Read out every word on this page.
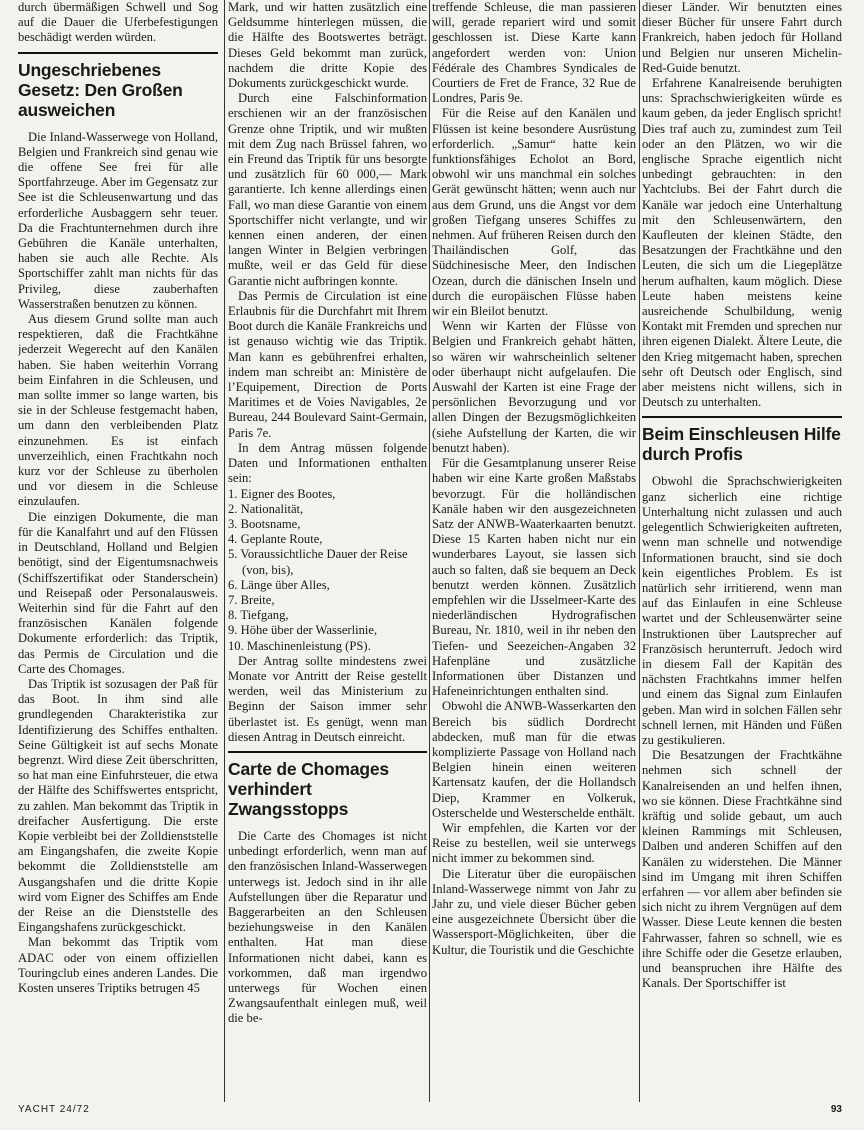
durch übermäßigen Schwell und Sog auf die Dauer die Uferbefestigungen beschädigt werden würden.

Ungeschriebenes Gesetz: Den Großen ausweichen

Die Inland-Wasserwege von Holland, Belgien und Frankreich sind genau wie die offene See frei für alle Sportfahrzeuge. Aber im Gegensatz zur See ist die Schleusenwartung und das erforderliche Ausbaggern sehr teuer. Da die Frachtunternehmen durch ihre Gebühren die Kanäle unterhalten, haben sie auch alle Rechte. Als Sportschiffer zahlt man nichts für das Privileg, diese zauberhaften Wasserstraßen benutzen zu können.

Aus diesem Grund sollte man auch respektieren, daß die Frachtkähne jederzeit Wegerecht auf den Kanälen haben. Sie haben weiterhin Vorrang beim Einfahren in die Schleusen, und man sollte immer so lange warten, bis sie in der Schleuse festgemacht haben, um dann den verbleibenden Platz einzunehmen. Es ist einfach unverzeihlich, einen Frachtkahn noch kurz vor der Schleuse zu überholen und vor diesem in die Schleuse einzulaufen.

Die einzigen Dokumente, die man für die Kanalfahrt und auf den Flüssen in Deutschland, Holland und Belgien benötigt, sind der Eigentumsnachweis (Schiffszertifikat oder Standerschein) und Reisepaß oder Personalausweis. Weiterhin sind für die Fahrt auf den französischen Kanälen folgende Dokumente erforderlich: das Triptik, das Permis de Circulation und die Carte des Chomages.

Das Triptik ist sozusagen der Paß für das Boot. In ihm sind alle grundlegenden Charakteristika zur Identifizierung des Schiffes enthalten. Seine Gültigkeit ist auf sechs Monate begrenzt. Wird diese Zeit überschritten, so hat man eine Einfuhrsteuer, die etwa der Hälfte des Schiffswertes entspricht, zu zahlen. Man bekommt das Triptik in dreifacher Ausfertigung. Die erste Kopie verbleibt bei der Zolldienststelle am Eingangshafen, die zweite Kopie bekommt die Zolldienststelle am Ausgangshafen und die dritte Kopie wird vom Eigner des Schiffes am Ende der Reise an die Dienststelle des Eingangshafens zurückgeschickt.

Man bekommt das Triptik vom ADAC oder von einem offiziellen Touringclub eines anderen Landes. Die Kosten unseres Triptiks betrugen 45

Mark, und wir hatten zusätzlich eine Geldsumme hinterlegen müssen, die die Hälfte des Bootswertes beträgt. Dieses Geld bekommt man zurück, nachdem die dritte Kopie des Dokuments zurückgeschickt wurde.

Durch eine Falschinformation erschienen wir an der französischen Grenze ohne Triptik, und wir mußten mit dem Zug nach Brüssel fahren, wo ein Freund das Triptik für uns besorgte und zusätzlich für 60 000,— Mark garantierte. Ich kenne allerdings einen Fall, wo man diese Garantie von einem Sportschiffer nicht verlangte, und wir kennen einen anderen, der einen langen Winter in Belgien verbringen mußte, weil er das Geld für diese Garantie nicht aufbringen konnte.

Das Permis de Circulation ist eine Erlaubnis für die Durchfahrt mit Ihrem Boot durch die Kanäle Frankreichs und ist genauso wichtig wie das Triptik. Man kann es gebührenfrei erhalten, indem man schreibt an: Ministère de l’Equipement, Direction de Ports Maritimes et de Voies Navigables, 2e Bureau, 244 Boulevard Saint-Germain, Paris 7e.

In dem Antrag müssen folgende Daten und Informationen enthalten sein:

1. Eigner des Bootes,
2. Nationalität,
3. Bootsname,
4. Geplante Route,
5. Voraussichtliche Dauer der Reise (von, bis),
6. Länge über Alles,
7. Breite,
8. Tiefgang,
9. Höhe über der Wasserlinie,
10. Maschinenleistung (PS).

Der Antrag sollte mindestens zwei Monate vor Antritt der Reise gestellt werden, weil das Ministerium zu Beginn der Saison immer sehr überlastet ist. Es genügt, wenn man diesen Antrag in Deutsch einreicht.

Carte de Chomages verhindert Zwangsstopps

Die Carte des Chomages ist nicht unbedingt erforderlich, wenn man auf den französischen Inland-Wasserwegen unterwegs ist. Jedoch sind in ihr alle Aufstellungen über die Reparatur und Baggerarbeiten an den Schleusen beziehungsweise in den Kanälen enthalten. Hat man diese Informationen nicht dabei, kann es vorkommen, daß man irgendwo unterwegs für Wochen einen Zwangsaufenthalt einlegen muß, weil die be-

treffende Schleuse, die man passieren will, gerade repariert wird und somit geschlossen ist. Diese Karte kann angefordert werden von: Union Fédérale des Chambres Syndicales de Courtiers de Fret de France, 32 Rue de Londres, Paris 9e.

Für die Reise auf den Kanälen und Flüssen ist keine besondere Ausrüstung erforderlich. „Samur“ hatte kein funktionsfähiges Echolot an Bord, obwohl wir uns manchmal ein solches Gerät gewünscht hätten; wenn auch nur aus dem Grund, uns die Angst vor dem großen Tiefgang unseres Schiffes zu nehmen. Auf früheren Reisen durch den Thailändischen Golf, das Südchinesische Meer, den Indischen Ozean, durch die dänischen Inseln und durch die europäischen Flüsse haben wir ein Bleilot benutzt.

Wenn wir Karten der Flüsse von Belgien und Frankreich gehabt hätten, so wären wir wahrscheinlich seltener oder überhaupt nicht aufgelaufen. Die Auswahl der Karten ist eine Frage der persönlichen Bevorzugung und vor allen Dingen der Bezugsmöglichkeiten (siehe Aufstellung der Karten, die wir benutzt haben).

Für die Gesamtplanung unserer Reise haben wir eine Karte großen Maßstabs bevorzugt. Für die holländischen Kanäle haben wir den ausgezeichneten Satz der ANWB-Waaterkaarten benutzt. Diese 15 Karten haben nicht nur ein wunderbares Layout, sie lassen sich auch so falten, daß sie bequem an Deck benutzt werden können. Zusätzlich empfehlen wir die IJsselmeer-Karte des niederländischen Hydrografischen Bureau, Nr. 1810, weil in ihr neben den Tiefen- und Seezeichen-Angaben 32 Hafenpläne und zusätzliche Informationen über Distanzen und Hafeneinrichtungen enthalten sind.

Obwohl die ANWB-Wasserkarten den Bereich bis südlich Dordrecht abdecken, muß man für die etwas komplizierte Passage von Holland nach Belgien hinein einen weiteren Kartensatz kaufen, der die Hollandsch Diep, Krammer en Volkeruk, Osterschelde und Westerschelde enthält.

Wir empfehlen, die Karten vor der Reise zu bestellen, weil sie unterwegs nicht immer zu bekommen sind.

Die Literatur über die europäischen Inland-Wasserwege nimmt von Jahr zu Jahr zu, und viele dieser Bücher geben eine ausgezeichnete Übersicht über die Wassersport-Möglichkeiten, über die Kultur, die Touristik und die Geschichte

dieser Länder. Wir benutzten eines dieser Bücher für unsere Fahrt durch Frankreich, haben jedoch für Holland und Belgien nur unseren Michelin-Red-Guide benutzt.

Erfahrene Kanalreisende beruhigten uns: Sprachschwierigkeiten würde es kaum geben, da jeder Englisch spricht! Dies traf auch zu, zumindest zum Teil oder an den Plätzen, wo wir die englische Sprache eigentlich nicht unbedingt gebrauchten: in den Yachtclubs. Bei der Fahrt durch die Kanäle war jedoch eine Unterhaltung mit den Schleusenwärtern, den Kaufleuten der kleinen Städte, den Besatzungen der Frachtkähne und den Leuten, die sich um die Liegeplätze herum aufhalten, kaum möglich. Diese Leute haben meistens keine ausreichende Schulbildung, wenig Kontakt mit Fremden und sprechen nur ihren eigenen Dialekt. Ältere Leute, die den Krieg mitgemacht haben, sprechen sehr oft Deutsch oder Englisch, sind aber meistens nicht willens, sich in Deutsch zu unterhalten.

Beim Einschleusen Hilfe durch Profis

Obwohl die Sprachschwierigkeiten ganz sicherlich eine richtige Unterhaltung nicht zulassen und auch gelegentlich Schwierigkeiten auftreten, wenn man schnelle und notwendige Informationen braucht, sind sie doch kein eigentliches Problem. Es ist natürlich sehr irritierend, wenn man auf das Einlaufen in eine Schleuse wartet und der Schleusenwärter seine Instruktionen über Lautsprecher auf Französisch herunterruft. Jedoch wird in diesem Fall der Kapitän des nächsten Frachtkahns immer helfen und einem das Signal zum Einlaufen geben. Man wird in solchen Fällen sehr schnell lernen, mit Händen und Füßen zu gestikulieren.

Die Besatzungen der Frachtkähne nehmen sich schnell der Kanalreisenden an und helfen ihnen, wo sie können. Diese Frachtkähne sind kräftig und solide gebaut, um auch kleinen Rammings mit Schleusen, Dalben und anderen Schiffen auf den Kanälen zu widerstehen. Die Männer sind im Umgang mit ihren Schiffen erfahren — vor allem aber befinden sie sich nicht zu ihrem Vergnügen auf dem Wasser. Diese Leute kennen die besten Fahrwasser, fahren so schnell, wie es ihre Schiffe oder die Gesetze erlauben, und beanspruchen ihre Hälfte des Kanals. Der Sportschiffer ist

YACHT 24/72	93
